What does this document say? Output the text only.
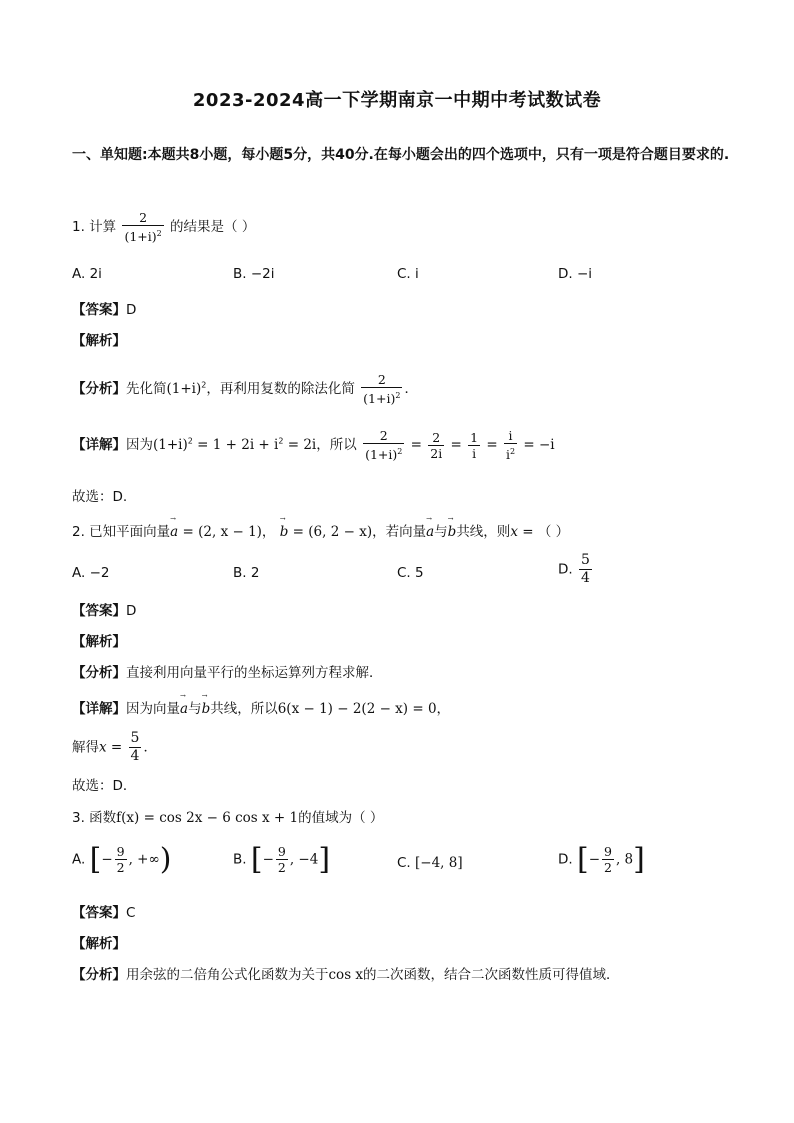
2023-2024高一下学期南京一中期中考试数试卷
一、单知题:本题共8小题，每小题5分，共40分.在每小题会出的四个选项中，只有一项是符合题目要求的.
1. 计算 $\frac{2}{(1+i)^2}$ 的结果是（ ）
A. 2i	B. −2i	C. i	D. −i
【答案】D
【解析】
【分析】先化简$(1+i)^2$，再利用复数的除法化简 $\frac{2}{(1+i)^2}$ ．
【详解】因为$(1+i)^2 = 1 + 2i + i^2 = 2i$，所以 $\frac{2}{(1+i)^2} = \frac{2}{2i} = \frac{1}{i} = \frac{i}{i^2} = -i$
故选：D.
2. 已知平面向量→ a = (2, x − 1)， → b = (6, 2 − x)，若向量→ a与→ b共线，则x = （ ）
A. −2	B. 2	C. 5	D. $\frac{5}{4}$
【答案】D
【解析】
【分析】直接利用向量平行的坐标运算列方程求解．
【详解】因为向量→ a与→ b共线，所以6(x − 1) − 2(2 − x) = 0，
解得$x = \frac{5}{4}$ ．
故选：D．
3. 函数f(x) = cos 2x − 6 cos x + 1的值域为（ ）
A. [− $\frac{9}{2}$ , +∞)	B. [− $\frac{9}{2}$ , −4]	C. [−4, 8]	D. [− $\frac{9}{2}$ , 8]
【答案】C
【解析】
【分析】用余弦的二倍角公式化函数为关于cos x的二次函数，结合二次函数性质可得值域．
